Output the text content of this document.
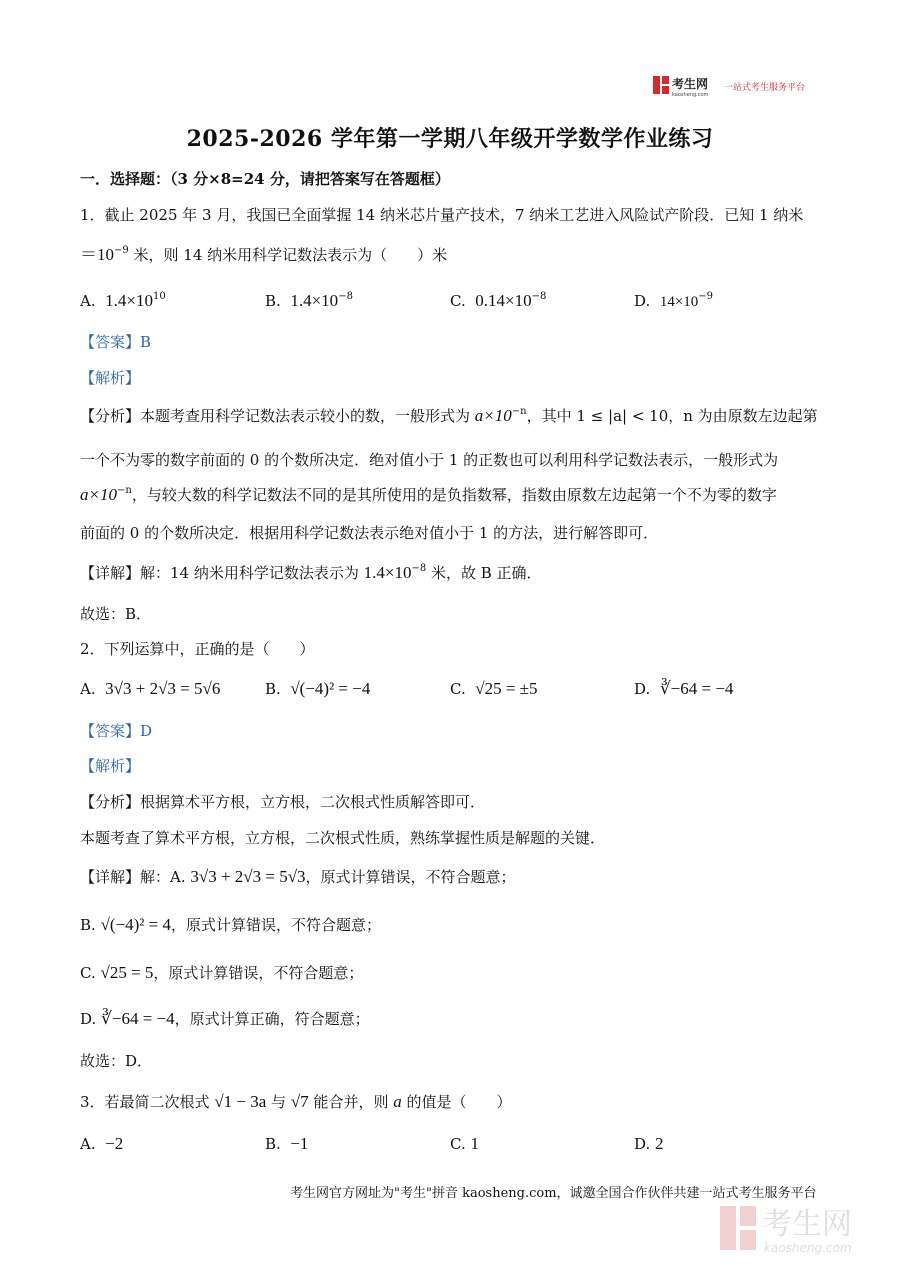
考生网
kaosheng.com
一站式考生服务平台
2025-2026 学年第一学期八年级开学数学作业练习
一．选择题：（3 分×8=24 分，请把答案写在答题框）
1．截止 2025 年 3 月，我国已全面掌握 14 纳米芯片量产技术，7 纳米工艺进入风险试产阶段．已知 1 纳米
$=10^{-9}$ 米，则 14 纳米用科学记数法表示为（　　）米
A. $1.4\times 10^{10}$	B. $1.4\times 10^{-8}$	C. $0.14\times 10^{-8}$	D. $14\times 10^{-9}$
【答案】B
【解析】
【分析】本题考查用科学记数法表示较小的数，一般形式为 $a\times 10^{-n}$，其中 1 ≤ |a| < 10，n 为由原数左边起第
一个不为零的数字前面的 0 的个数所决定．绝对值小于 1 的正数也可以利用科学记数法表示，一般形式为
$a\times 10^{-n}$，与较大数的科学记数法不同的是其所使用的是负指数幂，指数由原数左边起第一个不为零的数字
前面的 0 的个数所决定．根据用科学记数法表示绝对值小于 1 的方法，进行解答即可．
【详解】解：14 纳米用科学记数法表示为 $1.4\times 10^{-8}$ 米，故 B 正确．
故选：B．
2．下列运算中，正确的是（　　）
A. 3√3 + 2√3 = 5√6	B. √(−4)² = −4	C. √25 = ±5	D. ∛−64 = −4
【答案】D
【解析】
【分析】根据算术平方根，立方根，二次根式性质解答即可．
本题考查了算术平方根，立方根，二次根式性质，熟练掌握性质是解题的关键．
【详解】解：A. 3√3 + 2√3 = 5√3，原式计算错误，不符合题意；
B. √(−4)² = 4，原式计算错误，不符合题意；
C. √25 = 5，原式计算错误，不符合题意；
D. ∛−64 = −4，原式计算正确，符合题意；
故选：D．
3．若最简二次根式 √1 − 3a 与 √7 能合并，则 a 的值是（　　）
A. −2	B. −1	C. 1	D. 2
考生网官方网址为"考生"拼音 kaosheng.com，诚邀全国合作伙伴共建一站式考生服务平台
考生网
kaosheng.com
